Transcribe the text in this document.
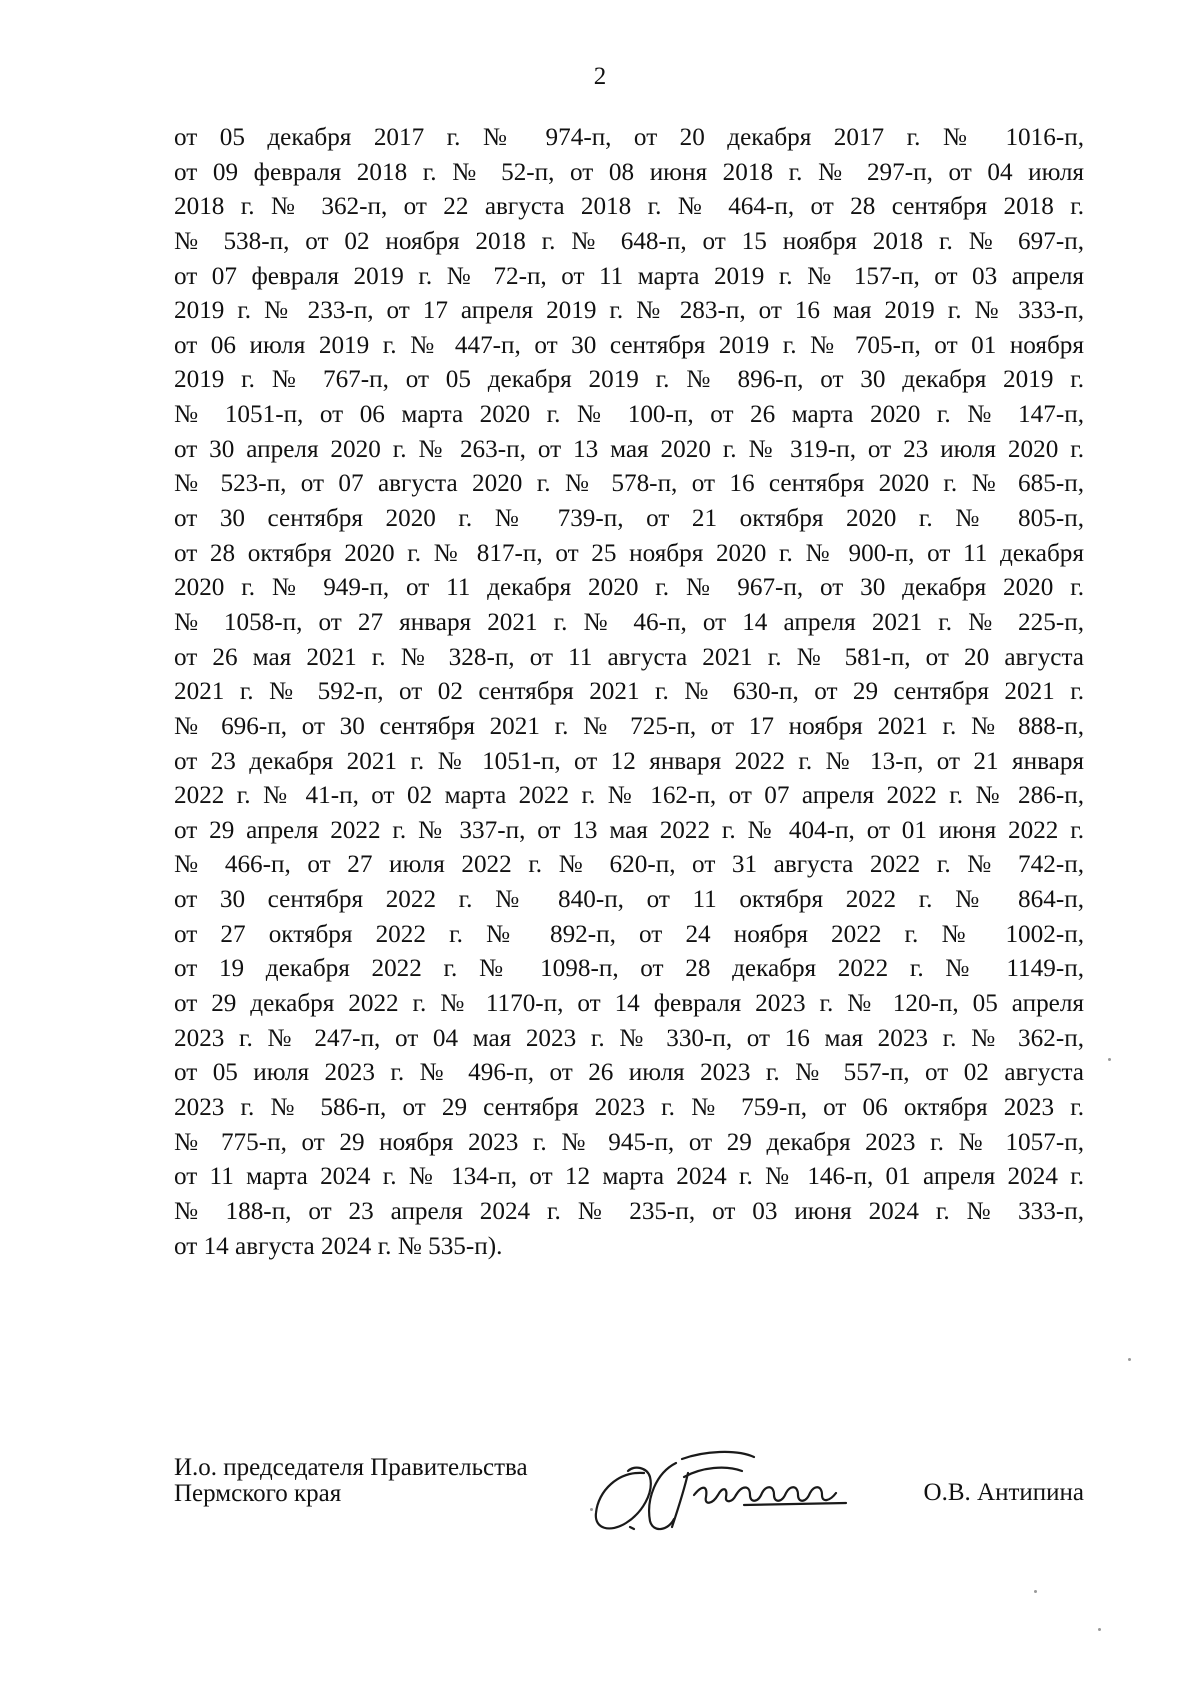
2
от 05 декабря 2017 г. № 974-п, от 20 декабря 2017 г. № 1016-п,
от 09 февраля 2018 г. № 52-п, от 08 июня 2018 г. № 297-п, от 04 июля
2018 г. № 362-п, от 22 августа 2018 г. № 464-п, от 28 сентября 2018 г.
№ 538-п, от 02 ноября 2018 г. № 648-п, от 15 ноября 2018 г. № 697-п,
от 07 февраля 2019 г. № 72-п, от 11 марта 2019 г. № 157-п, от 03 апреля
2019 г. № 233-п, от 17 апреля 2019 г. № 283-п, от 16 мая 2019 г. № 333-п,
от 06 июля 2019 г. № 447-п, от 30 сентября 2019 г. № 705-п, от 01 ноября
2019 г. № 767-п, от 05 декабря 2019 г. № 896-п, от 30 декабря 2019 г.
№ 1051-п, от 06 марта 2020 г. № 100-п, от 26 марта 2020 г. № 147-п,
от 30 апреля 2020 г. № 263-п, от 13 мая 2020 г. № 319-п, от 23 июля 2020 г.
№ 523-п, от 07 августа 2020 г. № 578-п, от 16 сентября 2020 г. № 685-п,
от 30 сентября 2020 г. № 739-п, от 21 октября 2020 г. № 805-п,
от 28 октября 2020 г. № 817-п, от 25 ноября 2020 г. № 900-п, от 11 декабря
2020 г. № 949-п, от 11 декабря 2020 г. № 967-п, от 30 декабря 2020 г.
№ 1058-п, от 27 января 2021 г. № 46-п, от 14 апреля 2021 г. № 225-п,
от 26 мая 2021 г. № 328-п, от 11 августа 2021 г. № 581-п, от 20 августа
2021 г. № 592-п, от 02 сентября 2021 г. № 630-п, от 29 сентября 2021 г.
№ 696-п, от 30 сентября 2021 г. № 725-п, от 17 ноября 2021 г. № 888-п,
от 23 декабря 2021 г. № 1051-п, от 12 января 2022 г. № 13-п, от 21 января
2022 г. № 41-п, от 02 марта 2022 г. № 162-п, от 07 апреля 2022 г. № 286-п,
от 29 апреля 2022 г. № 337-п, от 13 мая 2022 г. № 404-п, от 01 июня 2022 г.
№ 466-п, от 27 июля 2022 г. № 620-п, от 31 августа 2022 г. № 742-п,
от 30 сентября 2022 г. № 840-п, от 11 октября 2022 г. № 864-п,
от 27 октября 2022 г. № 892-п, от 24 ноября 2022 г. № 1002-п,
от 19 декабря 2022 г. № 1098-п, от 28 декабря 2022 г. № 1149-п,
от 29 декабря 2022 г. № 1170-п, от 14 февраля 2023 г. № 120-п, 05 апреля
2023 г. № 247-п, от 04 мая 2023 г. № 330-п, от 16 мая 2023 г. № 362-п,
от 05 июля 2023 г. № 496-п, от 26 июля 2023 г. № 557-п, от 02 августа
2023 г. № 586-п, от 29 сентября 2023 г. № 759-п, от 06 октября 2023 г.
№ 775-п, от 29 ноября 2023 г. № 945-п, от 29 декабря 2023 г. № 1057-п,
от 11 марта 2024 г. № 134-п, от 12 марта 2024 г. № 146-п, 01 апреля 2024 г.
№ 188-п, от 23 апреля 2024 г. № 235-п, от 03 июня 2024 г. № 333-п,
от 14 августа 2024 г. № 535-п).
И.о. председателя Правительства
Пермского края	О.В. Антипина
